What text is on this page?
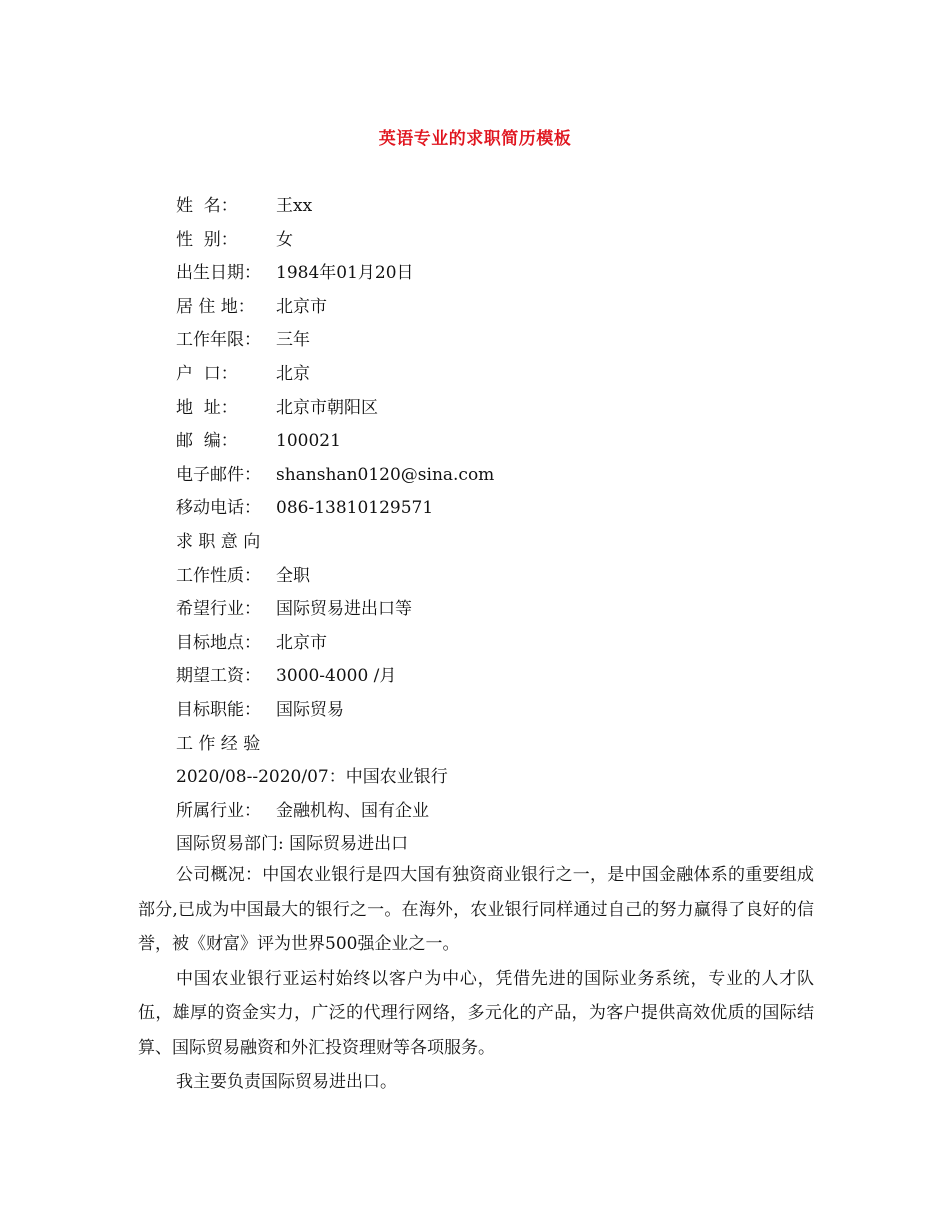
英语专业的求职简历模板
姓  名： 王xx
性  别： 女
出生日期： 1984年01月20日
居 住 地： 北京市
工作年限： 三年
户  口： 北京
地  址： 北京市朝阳区
邮  编： 100021
电子邮件： shanshan0120@sina.com
移动电话： 086-13810129571
求 职 意 向
工作性质： 全职
希望行业： 国际贸易进出口等
目标地点： 北京市
期望工资： 3000-4000 /月
目标职能： 国际贸易
工 作 经 验
2020/08--2020/07：中国农业银行
所属行业： 金融机构、国有企业
国际贸易部门: 国际贸易进出口

公司概况：中国农业银行是四大国有独资商业银行之一，是中国金融体系的重要组成部分,已成为中国最大的银行之一。在海外，农业银行同样通过自己的努力赢得了良好的信誉，被《财富》评为世界500强企业之一。

中国农业银行亚运村始终以客户为中心，凭借先进的国际业务系统，专业的人才队伍，雄厚的资金实力，广泛的代理行网络，多元化的产品，为客户提供高效优质的国际结算、国际贸易融资和外汇投资理财等各项服务。

我主要负责国际贸易进出口。
